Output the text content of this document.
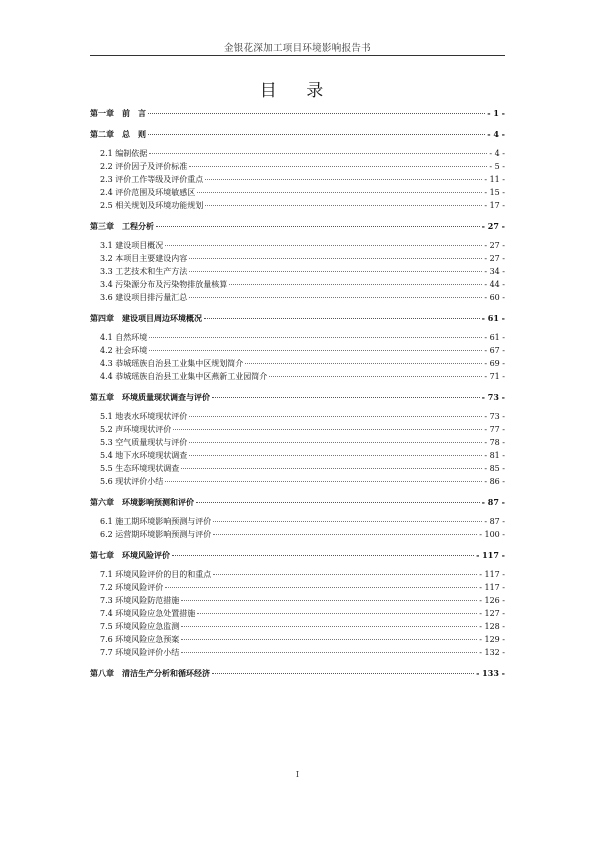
金银花深加工项目环境影响报告书
目 录
第一章　前　言	- 1 -
第二章　总　则	- 4 -
2.1 编制依据	- 4 -
2.2 评价因子及评价标准	- 5 -
2.3 评价工作等级及评价重点	- 11 -
2.4 评价范围及环境敏感区	- 15 -
2.5 相关规划及环境功能规划	- 17 -
第三章　工程分析	- 27 -
3.1 建设项目概况	- 27 -
3.2 本项目主要建设内容	- 27 -
3.3 工艺技术和生产方法	- 34 -
3.4 污染源分布及污染物排放量核算	- 44 -
3.6 建设项目排污量汇总	- 60 -
第四章　建设项目周边环境概况	- 61 -
4.1 自然环境	- 61 -
4.2 社会环境	- 67 -
4.3 恭城瑶族自治县工业集中区规划简介	- 69 -
4.4 恭城瑶族自治县工业集中区燕新工业园简介	- 71 -
第五章　环境质量现状调查与评价	- 73 -
5.1 地表水环境现状评价	- 73 -
5.2 声环境现状评价	- 77 -
5.3 空气质量现状与评价	- 78 -
5.4 地下水环境现状调查	- 81 -
5.5 生态环境现状调查	- 85 -
5.6 现状评价小结	- 86 -
第六章　环境影响预测和评价	- 87 -
6.1 施工期环境影响预测与评价	- 87 -
6.2 运营期环境影响预测与评价	- 100 -
第七章　环境风险评价	- 117 -
7.1 环境风险评价的目的和重点	- 117 -
7.2 环境风险评价	- 117 -
7.3 环境风险防范措施	- 126 -
7.4 环境风险应急处置措施	- 127 -
7.5 环境风险应急监测	- 128 -
7.6 环境风险应急预案	- 129 -
7.7 环境风险评价小结	- 132 -
第八章　清洁生产分析和循环经济	- 133 -
I
